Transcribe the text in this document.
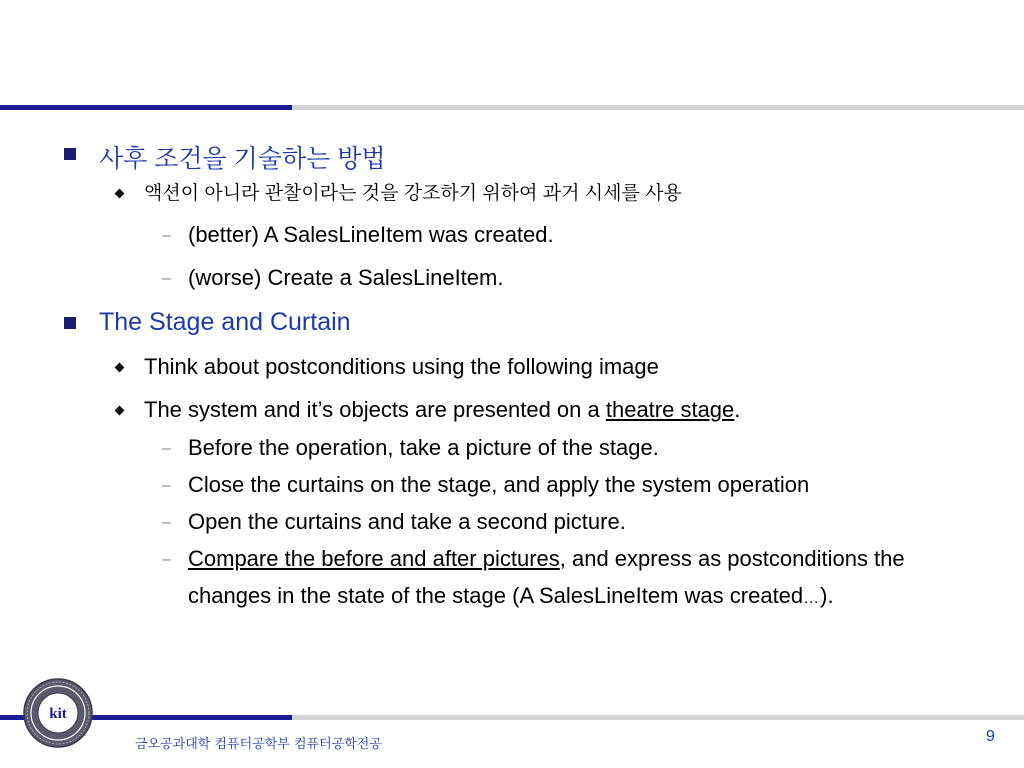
사후 조건을 기술하는 방법
액션이 아니라 관찰이라는 것을 강조하기 위하여 과거 시세를 사용
– (better) A SalesLineItem was created.
– (worse) Create a SalesLineItem.
The Stage and Curtain
Think about postconditions using the following image
The system and it’s objects are presented on a theatre stage.
– Before the operation, take a picture of the stage.
– Close the curtains on the stage, and apply the system operation
– Open the curtains and take a second picture.
– Compare the before and after pictures, and express as postconditions the changes in the state of the stage (A SalesLineItem was created…).
kit
금오공과대학 컴퓨터공학부 컴퓨터공학전공	9
